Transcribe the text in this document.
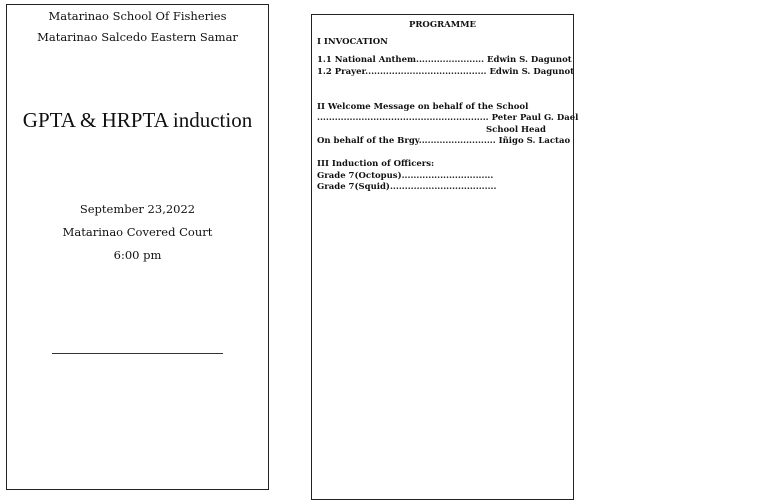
Matarinao School Of Fisheries
Matarinao Salcedo Eastern Samar
GPTA & HRPTA induction
September 23,2022
Matarinao Covered Court
6:00 pm
PROGRAMME
I INVOCATION
1.1 National Anthem....................... Edwin S. Dagunot
1.2 Prayer......................................... Edwin S. Dagunot
II Welcome Message on behalf of the School
.......................................................... Peter Paul G. Dael
School Head
On behalf of the Brgy.......................... Iñigo S. Lactao
III Induction of Officers:
Grade 7(Octopus)...............................
Grade 7(Squid)....................................
